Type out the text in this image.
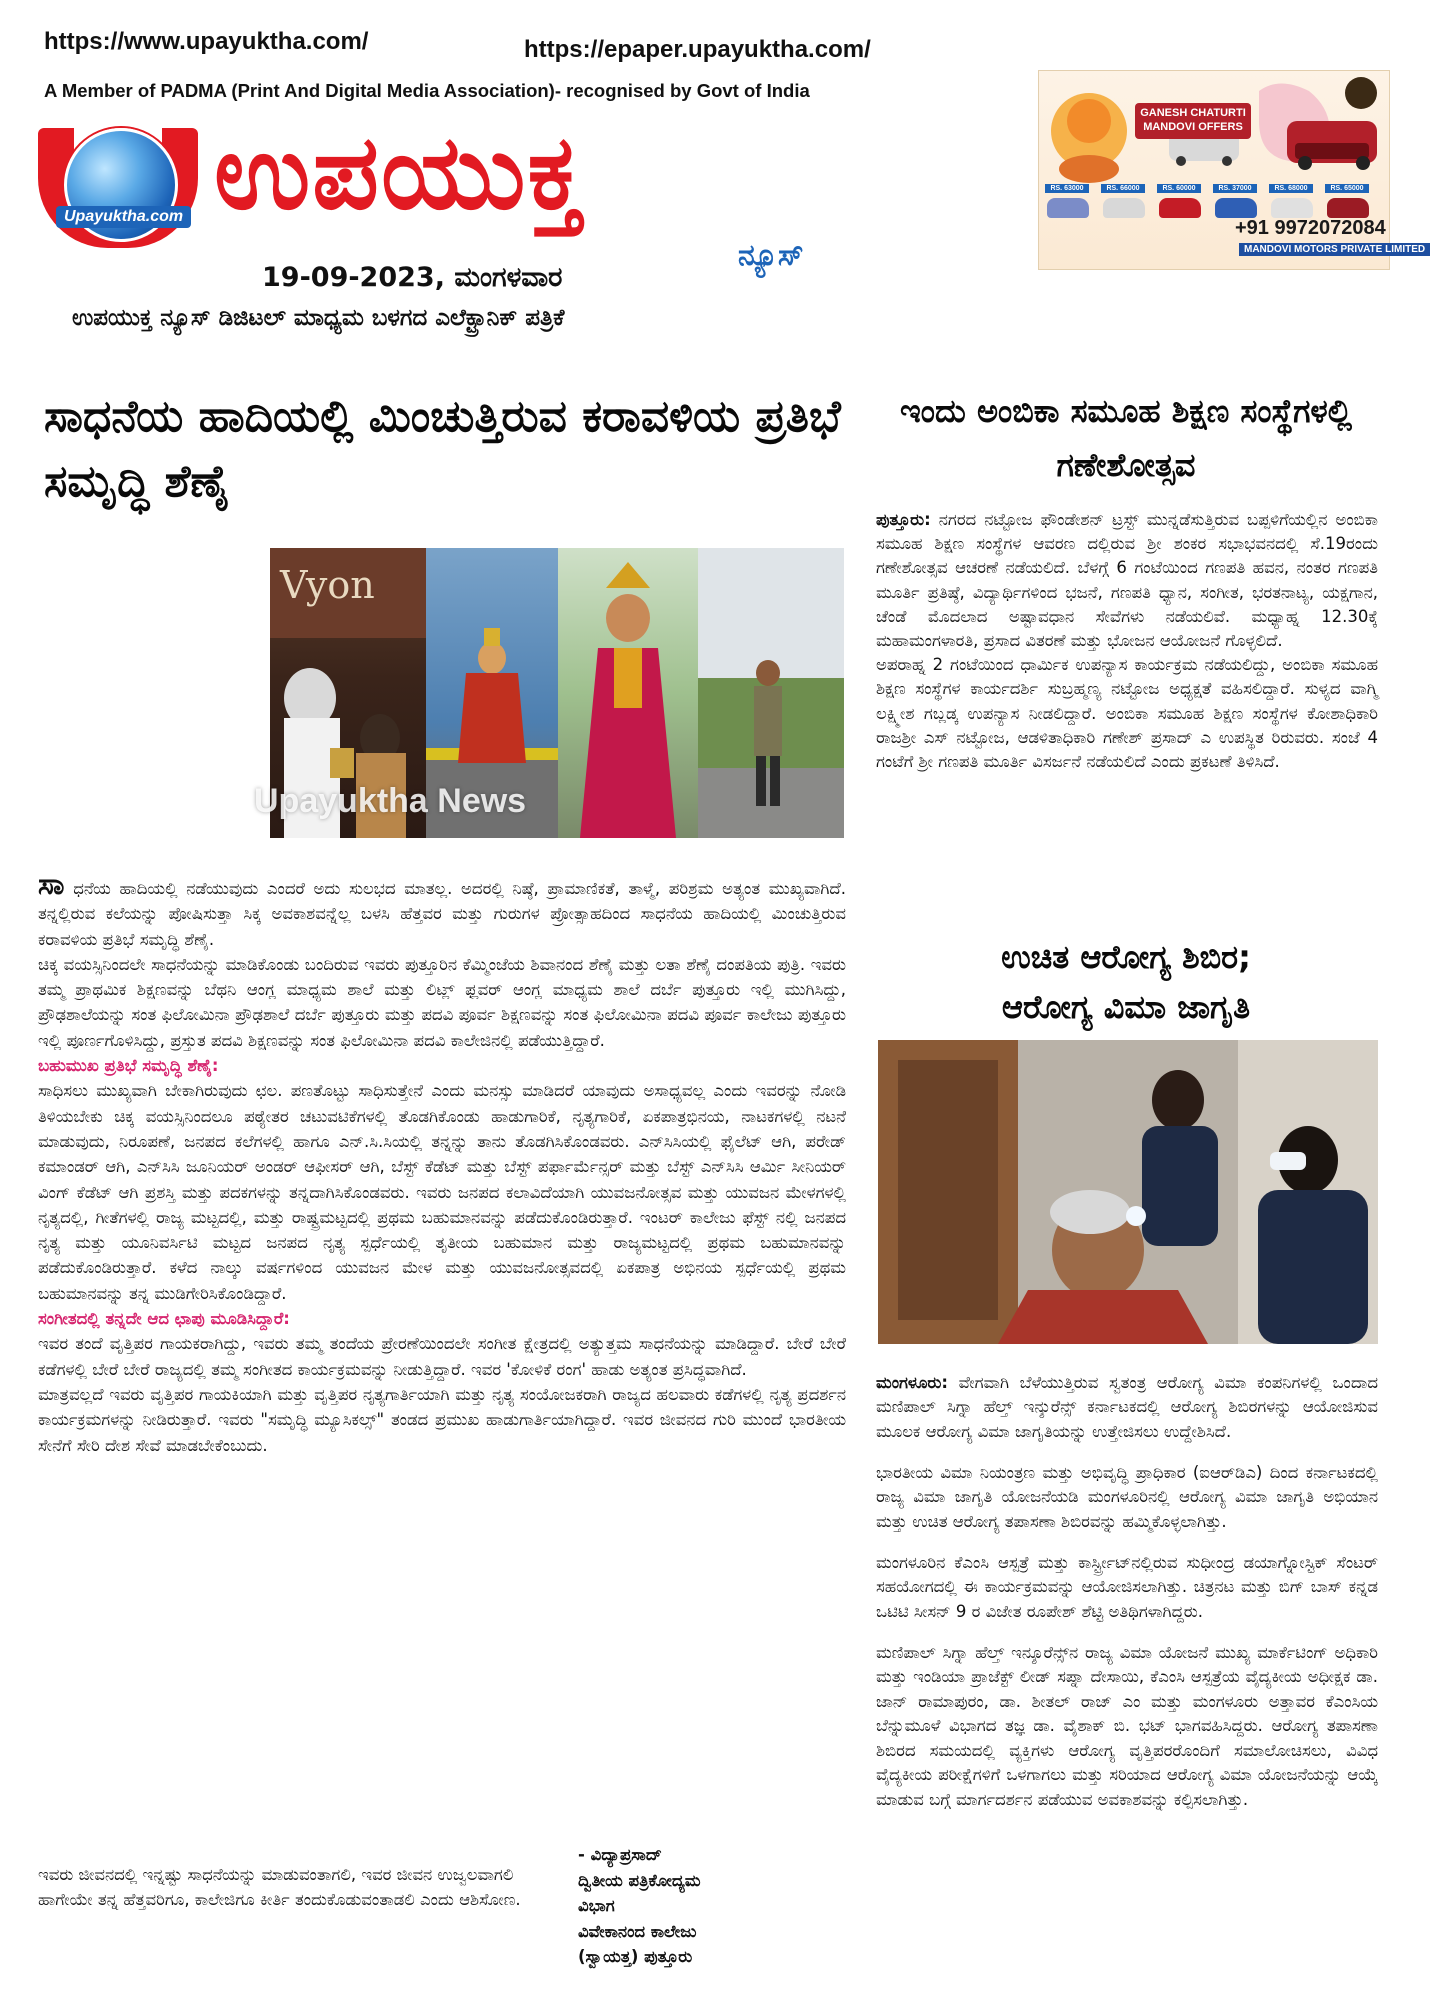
https://www.upayuktha.com/	https://epaper.upayuktha.com/
A Member of PADMA (Print And Digital Media Association)- recognised by Govt of India
Upayuktha.com ಉಪಯುಕ್ತ
ನ್ಯೂಸ್
19-09-2023, ಮಂಗಳವಾರ
ಉಪಯುಕ್ತ ನ್ಯೂಸ್ ಡಿಜಿಟಲ್ ಮಾಧ್ಯಮ ಬಳಗದ ಎಲೆಕ್ಟ್ರಾನಿಕ್ ಪತ್ರಿಕೆ
GANESH CHATURTI MANDOVI OFFERS
RS. 63000	RS. 66000	RS. 60000	RS. 37000	RS. 68000	RS. 65000
+91 9972072084
MANDOVI MOTORS PRIVATE LIMITED
ಸಾಧನೆಯ ಹಾದಿಯಲ್ಲಿ ಮಿಂಚುತ್ತಿರುವ ಕರಾವಳಿಯ ಪ್ರತಿಭೆ ಸಮೃದ್ಧಿ ಶೆಣೈ
Vyon
Upayuktha News

ಸಾ ಧನೆಯ ಹಾದಿಯಲ್ಲಿ ನಡೆಯುವುದು ಎಂದರೆ ಅದು ಸುಲಭದ ಮಾತಲ್ಲ. ಅದರಲ್ಲಿ ನಿಷ್ಠೆ, ಪ್ರಾಮಾಣಿಕತೆ, ತಾಳ್ಮೆ, ಪರಿಶ್ರಮ ಅತ್ಯಂತ ಮುಖ್ಯವಾಗಿದೆ. ತನ್ನಲ್ಲಿರುವ ಕಲೆಯನ್ನು ಪೋಷಿಸುತ್ತಾ ಸಿಕ್ಕ ಅವಕಾಶವನ್ನೆಲ್ಲ ಬಳಸಿ ಹೆತ್ತವರ ಮತ್ತು ಗುರುಗಳ ಪ್ರೋತ್ಸಾಹದಿಂದ ಸಾಧನೆಯ ಹಾದಿಯಲ್ಲಿ ಮಿಂಚುತ್ತಿರುವ ಕರಾವಳಿಯ ಪ್ರತಿಭೆ ಸಮೃದ್ಧಿ ಶೆಣೈ.

ಚಿಕ್ಕ ವಯಸ್ಸಿನಿಂದಲೇ ಸಾಧನೆಯನ್ನು ಮಾಡಿಕೊಂಡು ಬಂದಿರುವ ಇವರು ಪುತ್ತೂರಿನ ಕೆಮ್ಮಿಂಜೆಯ ಶಿವಾನಂದ ಶೆಣೈ ಮತ್ತು ಲತಾ ಶೆಣೈ ದಂಪತಿಯ ಪುತ್ರಿ. ಇವರು ತಮ್ಮ ಪ್ರಾಥಮಿಕ ಶಿಕ್ಷಣವನ್ನು ಬೆಥನಿ ಆಂಗ್ಲ ಮಾಧ್ಯಮ ಶಾಲೆ ಮತ್ತು ಲಿಟ್ಲ್ ಫ್ಲವರ್ ಆಂಗ್ಲ ಮಾಧ್ಯಮ ಶಾಲೆ ದರ್ಬೆ ಪುತ್ತೂರು ಇಲ್ಲಿ ಮುಗಿಸಿದ್ದು, ಪ್ರೌಢಶಾಲೆಯನ್ನು ಸಂತ ಫಿಲೋಮಿನಾ ಪ್ರೌಢಶಾಲೆ ದರ್ಬೆ ಪುತ್ತೂರು ಮತ್ತು ಪದವಿ ಪೂರ್ವ ಶಿಕ್ಷಣವನ್ನು ಸಂತ ಫಿಲೋಮಿನಾ ಪದವಿ ಪೂರ್ವ ಕಾಲೇಜು ಪುತ್ತೂರು ಇಲ್ಲಿ ಪೂರ್ಣಗೊಳಿಸಿದ್ದು, ಪ್ರಸ್ತುತ ಪದವಿ ಶಿಕ್ಷಣವನ್ನು ಸಂತ ಫಿಲೋಮಿನಾ ಪದವಿ ಕಾಲೇಜಿನಲ್ಲಿ ಪಡೆಯುತ್ತಿದ್ದಾರೆ.

ಬಹುಮುಖ ಪ್ರತಿಭೆ ಸಮೃದ್ಧಿ ಶೆಣೈ:

ಸಾಧಿಸಲು ಮುಖ್ಯವಾಗಿ ಬೇಕಾಗಿರುವುದು ಛಲ. ಪಣತೊಟ್ಟು ಸಾಧಿಸುತ್ತೇನೆ ಎಂದು ಮನಸ್ಸು ಮಾಡಿದರೆ ಯಾವುದು ಅಸಾಧ್ಯವಲ್ಲ ಎಂದು ಇವರನ್ನು ನೋಡಿ ತಿಳಿಯಬೇಕು ಚಿಕ್ಕ ವಯಸ್ಸಿನಿಂದಲೂ ಪಠ್ಯೇತರ ಚಟುವಟಿಕೆಗಳಲ್ಲಿ ತೊಡಗಿಕೊಂಡು ಹಾಡುಗಾರಿಕೆ, ನೃತ್ಯಗಾರಿಕೆ, ಏಕಪಾತ್ರಭಿನಯ, ನಾಟಕಗಳಲ್ಲಿ ನಟನೆ ಮಾಡುವುದು, ನಿರೂಪಣೆ, ಜನಪದ ಕಲೆಗಳಲ್ಲಿ ಹಾಗೂ ಎನ್.ಸಿ.ಸಿಯಲ್ಲಿ ತನ್ನನ್ನು ತಾನು ತೊಡಗಿಸಿಕೊಂಡವರು. ಎನ್‌ಸಿಸಿಯಲ್ಲಿ ಫೈಲೆಟ್ ಆಗಿ, ಪರೇಡ್ ಕಮಾಂಡರ್ ಆಗಿ, ಎನ್‌ಸಿಸಿ ಜೂನಿಯರ್ ಅಂಡರ್ ಆಫೀಸರ್ ಆಗಿ, ಬೆಸ್ಟ್ ಕೆಡೆಟ್ ಮತ್ತು ಬೆಸ್ಟ್ ಪರ್ಫಾರ್ಮೆನ್ಸರ್ ಮತ್ತು ಬೆಸ್ಟ್ ಎನ್‌ಸಿಸಿ ಆರ್ಮಿ ಸೀನಿಯರ್ ವಿಂಗ್ ಕೆಡೆಟ್ ಆಗಿ ಪ್ರಶಸ್ತಿ ಮತ್ತು ಪದಕಗಳನ್ನು ತನ್ನದಾಗಿಸಿಕೊಂಡವರು. ಇವರು ಜನಪದ ಕಲಾವಿದೆಯಾಗಿ ಯುವಜನೋತ್ಸವ ಮತ್ತು ಯುವಜನ ಮೇಳಗಳಲ್ಲಿ ನೃತ್ಯದಲ್ಲಿ, ಗೀತೆಗಳಲ್ಲಿ ರಾಜ್ಯ ಮಟ್ಟದಲ್ಲಿ, ಮತ್ತು ರಾಷ್ಟ್ರಮಟ್ಟದಲ್ಲಿ ಪ್ರಥಮ ಬಹುಮಾನವನ್ನು ಪಡೆದುಕೊಂಡಿರುತ್ತಾರೆ. ಇಂಟರ್ ಕಾಲೇಜು ಫೆಸ್ಟ್ ನಲ್ಲಿ ಜನಪದ ನೃತ್ಯ ಮತ್ತು ಯೂನಿವರ್ಸಿಟಿ ಮಟ್ಟದ ಜನಪದ ನೃತ್ಯ ಸ್ಪರ್ಧೆಯಲ್ಲಿ ತೃತೀಯ ಬಹುಮಾನ ಮತ್ತು ರಾಜ್ಯಮಟ್ಟದಲ್ಲಿ ಪ್ರಥಮ ಬಹುಮಾನವನ್ನು ಪಡೆದುಕೊಂಡಿರುತ್ತಾರೆ. ಕಳೆದ ನಾಲ್ಕು ವರ್ಷಗಳಿಂದ ಯುವಜನ ಮೇಳ ಮತ್ತು ಯುವಜನೋತ್ಸವದಲ್ಲಿ ಏಕಪಾತ್ರ ಅಭಿನಯ ಸ್ಪರ್ಧೆಯಲ್ಲಿ ಪ್ರಥಮ ಬಹುಮಾನವನ್ನು ತನ್ನ ಮುಡಿಗೇರಿಸಿಕೊಂಡಿದ್ದಾರೆ.

ಸಂಗೀತದಲ್ಲಿ ತನ್ನದೇ ಆದ ಛಾಪು ಮೂಡಿಸಿದ್ದಾರೆ:

ಇವರ ತಂದೆ ವೃತ್ತಿಪರ ಗಾಯಕರಾಗಿದ್ದು, ಇವರು ತಮ್ಮ ತಂದೆಯ ಪ್ರೇರಣೆಯಿಂದಲೇ ಸಂಗೀತ ಕ್ಷೇತ್ರದಲ್ಲಿ ಅತ್ಯುತ್ತಮ ಸಾಧನೆಯನ್ನು ಮಾಡಿದ್ದಾರೆ. ಬೇರೆ ಬೇರೆ ಕಡೆಗಳಲ್ಲಿ ಬೇರೆ ಬೇರೆ ರಾಜ್ಯದಲ್ಲಿ ತಮ್ಮ ಸಂಗೀತದ ಕಾರ್ಯಕ್ರಮವನ್ನು ನೀಡುತ್ತಿದ್ದಾರೆ. ಇವರ 'ಕೋಳಿಕೆ ರಂಗ' ಹಾಡು ಅತ್ಯಂತ ಪ್ರಸಿದ್ಧವಾಗಿದೆ.

ಮಾತ್ರವಲ್ಲದೆ ಇವರು ವೃತ್ತಿಪರ ಗಾಯಕಿಯಾಗಿ ಮತ್ತು ವೃತ್ತಿಪರ ನೃತ್ಯಗಾರ್ತಿಯಾಗಿ ಮತ್ತು ನೃತ್ಯ ಸಂಯೋಜಕರಾಗಿ ರಾಜ್ಯದ ಹಲವಾರು ಕಡೆಗಳಲ್ಲಿ ನೃತ್ಯ ಪ್ರದರ್ಶನ ಕಾರ್ಯಕ್ರಮಗಳನ್ನು ನೀಡಿರುತ್ತಾರೆ. ಇವರು "ಸಮೃದ್ಧಿ ಮ್ಯೂಸಿಕಲ್ಸ್" ತಂಡದ ಪ್ರಮುಖ ಹಾಡುಗಾರ್ತಿಯಾಗಿದ್ದಾರೆ. ಇವರ ಜೀವನದ ಗುರಿ ಮುಂದೆ ಭಾರತೀಯ ಸೇನೆಗೆ ಸೇರಿ ದೇಶ ಸೇವೆ ಮಾಡಬೇಕೆಂಬುದು.

ಇವರು ಜೀವನದಲ್ಲಿ ಇನ್ನಷ್ಟು ಸಾಧನೆಯನ್ನು ಮಾಡುವಂತಾಗಲಿ, ಇವರ ಜೀವನ ಉಜ್ವಲವಾಗಲಿ ಹಾಗೇಯೇ ತನ್ನ ಹೆತ್ತವರಿಗೂ, ಕಾಲೇಜಿಗೂ ಕೀರ್ತಿ ತಂದುಕೊಡುವಂತಾಡಲಿ ಎಂದು ಆಶಿಸೋಣ.
- ವಿದ್ಯಾಪ್ರಸಾದ್
ದ್ವಿತೀಯ ಪತ್ರಿಕೋದ್ಯಮ
ವಿಭಾಗ
ವಿವೇಕಾನಂದ ಕಾಲೇಜು
(ಸ್ವಾಯತ್ತ) ಪುತ್ತೂರು
ಇಂದು ಅಂಬಿಕಾ ಸಮೂಹ ಶಿಕ್ಷಣ ಸಂಸ್ಥೆಗಳಲ್ಲಿ ಗಣೇಶೋತ್ಸವ

ಪುತ್ತೂರು: ನಗರದ ನಟ್ಟೋಜ ಫೌಂಡೇಶನ್ ಟ್ರಸ್ಟ್ ಮುನ್ನಡೆಸುತ್ತಿರುವ ಬಪ್ಪಳಿಗೆಯಲ್ಲಿನ ಅಂಬಿಕಾ ಸಮೂಹ ಶಿಕ್ಷಣ ಸಂಸ್ಥೆಗಳ ಆವರಣ ದಲ್ಲಿರುವ ಶ್ರೀ ಶಂಕರ ಸಭಾಭವನದಲ್ಲಿ ಸೆ.19ರಂದು ಗಣೇಶೋತ್ಸವ ಆಚರಣೆ ನಡೆಯಲಿದೆ. ಬೆಳಗ್ಗೆ 6 ಗಂಟೆಯಿಂದ ಗಣಪತಿ ಹವನ, ನಂತರ ಗಣಪತಿ ಮೂರ್ತಿ ಪ್ರತಿಷ್ಠೆ, ವಿದ್ಯಾರ್ಥಿಗಳಿಂದ ಭಜನೆ, ಗಣಪತಿ ಧ್ಯಾನ, ಸಂಗೀತ, ಭರತನಾಟ್ಯ, ಯಕ್ಷಗಾನ, ಚೆಂಡೆ ಮೊದಲಾದ ಅಷ್ಟಾವಧಾನ ಸೇವೆಗಳು ನಡೆಯಲಿವೆ. ಮಧ್ಯಾಹ್ನ 12.30ಕ್ಕೆ ಮಹಾಮಂಗಳಾರತಿ, ಪ್ರಸಾದ ವಿತರಣೆ ಮತ್ತು ಭೋಜನ ಆಯೋಜನೆ ಗೊಳ್ಳಲಿದೆ.

ಅಪರಾಹ್ನ 2 ಗಂಟೆಯಿಂದ ಧಾರ್ಮಿಕ ಉಪನ್ಯಾಸ ಕಾರ್ಯಕ್ರಮ ನಡೆಯಲಿದ್ದು, ಅಂಬಿಕಾ ಸಮೂಹ ಶಿಕ್ಷಣ ಸಂಸ್ಥೆಗಳ ಕಾರ್ಯದರ್ಶಿ ಸುಬ್ರಹ್ಮಣ್ಯ ನಟ್ಟೋಜ ಅಧ್ಯಕ್ಷತೆ ವಹಿಸಲಿದ್ದಾರೆ. ಸುಳ್ಯದ ವಾಗ್ಮಿ ಲಕ್ಷ್ಮೀಶ ಗಬ್ಲಡ್ಕ ಉಪನ್ಯಾಸ ನೀಡಲಿದ್ದಾರೆ. ಅಂಬಿಕಾ ಸಮೂಹ ಶಿಕ್ಷಣ ಸಂಸ್ಥೆಗಳ ಕೋಶಾಧಿಕಾರಿ ರಾಜಶ್ರೀ ಎಸ್ ನಟ್ಟೋಜ, ಆಡಳಿತಾಧಿಕಾರಿ ಗಣೇಶ್ ಪ್ರಸಾದ್ ಎ ಉಪಸ್ಥಿತ ರಿರುವರು. ಸಂಜೆ 4 ಗಂಟೆಗೆ ಶ್ರೀ ಗಣಪತಿ ಮೂರ್ತಿ ವಿಸರ್ಜನೆ ನಡೆಯಲಿದೆ ಎಂದು ಪ್ರಕಟಣೆ ತಿಳಿಸಿದೆ.

ಉಚಿತ ಆರೋಗ್ಯ ಶಿಬಿರ;
ಆರೋಗ್ಯ ವಿಮಾ ಜಾಗೃತಿ

ಮಂಗಳೂರು: ವೇಗವಾಗಿ ಬೆಳೆಯುತ್ತಿರುವ ಸ್ವತಂತ್ರ ಆರೋಗ್ಯ ವಿಮಾ ಕಂಪನಿಗಳಲ್ಲಿ ಒಂದಾದ ಮಣಿಪಾಲ್ ಸಿಗ್ನಾ ಹೆಲ್ತ್ ಇನ್ಶುರೆನ್ಸ್ ಕರ್ನಾಟಕದಲ್ಲಿ ಆರೋಗ್ಯ ಶಿಬಿರಗಳನ್ನು ಆಯೋಜಿಸುವ ಮೂಲಕ ಆರೋಗ್ಯ ವಿಮಾ ಜಾಗೃತಿಯನ್ನು ಉತ್ತೇಜಿಸಲು ಉದ್ದೇಶಿಸಿದೆ.

ಭಾರತೀಯ ವಿಮಾ ನಿಯಂತ್ರಣ ಮತ್ತು ಅಭಿವೃದ್ಧಿ ಪ್ರಾಧಿಕಾರ (ಐಆರ್‌ಡಿಎ) ದಿಂದ ಕರ್ನಾಟಕದಲ್ಲಿ ರಾಜ್ಯ ವಿಮಾ ಜಾಗೃತಿ ಯೋಜನೆಯಡಿ ಮಂಗಳೂರಿನಲ್ಲಿ ಆರೋಗ್ಯ ವಿಮಾ ಜಾಗೃತಿ ಅಭಿಯಾನ ಮತ್ತು ಉಚಿತ ಆರೋಗ್ಯ ತಪಾಸಣಾ ಶಿಬಿರವನ್ನು ಹಮ್ಮಿಕೊಳ್ಳಲಾಗಿತ್ತು.

ಮಂಗಳೂರಿನ ಕೆಎಂಸಿ ಆಸ್ಪತ್ರೆ ಮತ್ತು ಕಾರ್ಸ್ಟ್ರೀಟ್‌ನಲ್ಲಿರುವ ಸುಧೀಂದ್ರ ಡಯಾಗ್ನೋಸ್ಟಿಕ್ ಸೆಂಟರ್ ಸಹಯೋಗದಲ್ಲಿ ಈ ಕಾರ್ಯಕ್ರಮವನ್ನು ಆಯೋಜಿಸಲಾಗಿತ್ತು. ಚಿತ್ರನಟ ಮತ್ತು ಬಿಗ್ ಬಾಸ್ ಕನ್ನಡ ಒಟಿಟಿ ಸೀಸನ್ 9 ರ ವಿಜೇತ ರೂಪೇಶ್ ಶೆಟ್ಟಿ ಅತಿಥಿಗಳಾಗಿದ್ದರು.

ಮಣಿಪಾಲ್ ಸಿಗ್ನಾ ಹೆಲ್ತ್ ಇನ್ಶೂರೆನ್ಸ್‌ನ ರಾಜ್ಯ ವಿಮಾ ಯೋಜನೆ ಮುಖ್ಯ ಮಾರ್ಕೆಟಿಂಗ್ ಅಧಿಕಾರಿ ಮತ್ತು ಇಂಡಿಯಾ ಪ್ರಾಜೆಕ್ಟ್ ಲೀಡ್ ಸಪ್ನಾ ದೇಸಾಯಿ, ಕೆಎಂಸಿ ಆಸ್ಪತ್ರೆಯ ವೈದ್ಯಕೀಯ ಅಧೀಕ್ಷಕ ಡಾ. ಜಾನ್ ರಾಮಾಪುರಂ, ಡಾ. ಶೀತಲ್ ರಾಜ್ ಎಂ ಮತ್ತು ಮಂಗಳೂರು ಅತ್ತಾವರ ಕೆಎಂಸಿಯ ಬೆನ್ನುಮೂಳೆ ವಿಭಾಗದ ತಜ್ಞ ಡಾ. ವೈಶಾಕ್ ಬಿ. ಭಟ್ ಭಾಗವಹಿಸಿದ್ದರು. ಆರೋಗ್ಯ ತಪಾಸಣಾ ಶಿಬಿರದ ಸಮಯದಲ್ಲಿ ವ್ಯಕ್ತಿಗಳು ಆರೋಗ್ಯ ವೃತ್ತಿಪರರೊಂದಿಗೆ ಸಮಾಲೋಚಿಸಲು, ವಿವಿಧ ವೈದ್ಯಕೀಯ ಪರೀಕ್ಷೆಗಳಿಗೆ ಒಳಗಾಗಲು ಮತ್ತು ಸರಿಯಾದ ಆರೋಗ್ಯ ವಿಮಾ ಯೋಜನೆಯನ್ನು ಆಯ್ಕೆ ಮಾಡುವ ಬಗ್ಗೆ ಮಾರ್ಗದರ್ಶನ ಪಡೆಯುವ ಅವಕಾಶವನ್ನು ಕಲ್ಪಿಸಲಾಗಿತ್ತು.
